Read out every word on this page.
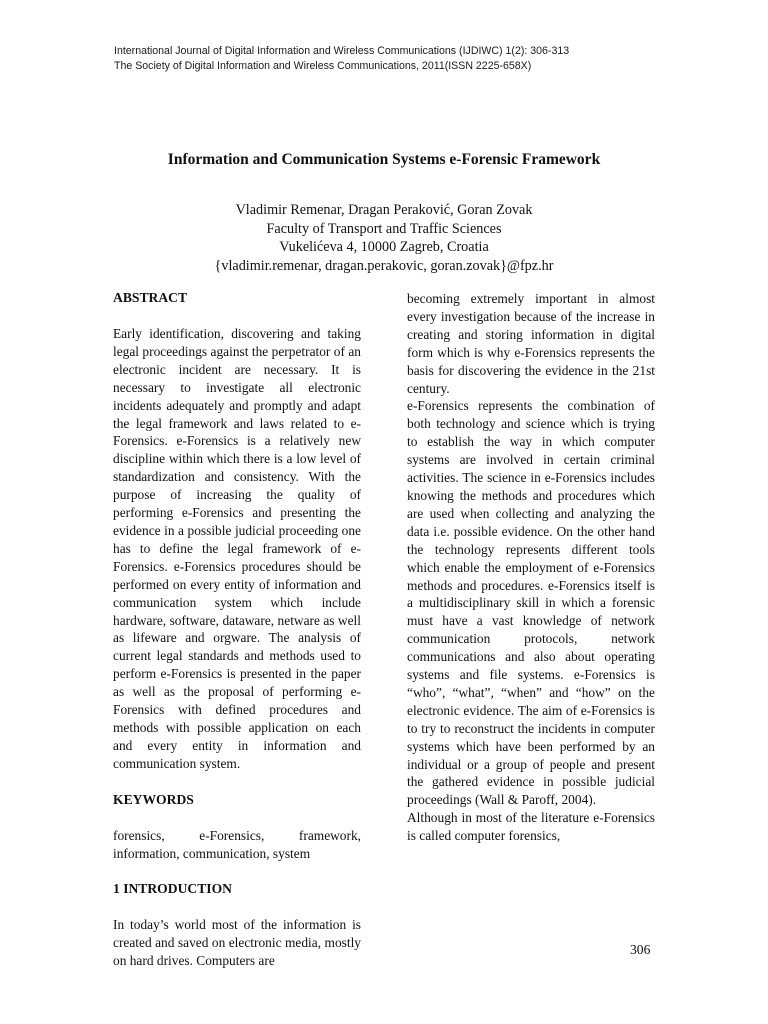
International Journal of Digital Information and Wireless Communications (IJDIWC) 1(2): 306-313
The Society of Digital Information and Wireless Communications, 2011(ISSN 2225-658X)
Information and Communication Systems e-Forensic Framework
Vladimir Remenar, Dragan Peraković, Goran Zovak
Faculty of Transport and Traffic Sciences
Vukelićeva 4, 10000 Zagreb, Croatia
{vladimir.remenar, dragan.perakovic, goran.zovak}@fpz.hr

ABSTRACT

Early identification, discovering and taking legal proceedings against the perpetrator of an electronic incident are necessary. It is necessary to investigate all electronic incidents adequately and promptly and adapt the legal framework and laws related to e-Forensics. e-Forensics is a relatively new discipline within which there is a low level of standardization and consistency. With the purpose of increasing the quality of performing e-Forensics and presenting the evidence in a possible judicial proceeding one has to define the legal framework of e-Forensics. e-Forensics procedures should be performed on every entity of information and communication system which include hardware, software, dataware, netware as well as lifeware and orgware. The analysis of current legal standards and methods used to perform e-Forensics is presented in the paper as well as the proposal of performing e-Forensics with defined procedures and methods with possible application on each and every entity in information and communication system.

KEYWORDS

forensics, e-Forensics, framework, information, communication, system

1 INTRODUCTION

In today’s world most of the information is created and saved on electronic media, mostly on hard drives. Computers are

becoming extremely important in almost every investigation because of the increase in creating and storing information in digital form which is why e-Forensics represents the basis for discovering the evidence in the 21st century.

e-Forensics represents the combination of both technology and science which is trying to establish the way in which computer systems are involved in certain criminal activities. The science in e-Forensics includes knowing the methods and procedures which are used when collecting and analyzing the data i.e. possible evidence. On the other hand the technology represents different tools which enable the employment of e-Forensics methods and procedures. e-Forensics itself is a multidisciplinary skill in which a forensic must have a vast knowledge of network communication protocols, network communications and also about operating systems and file systems. e-Forensics is “who”, “what”, “when” and “how” on the electronic evidence. The aim of e-Forensics is to try to reconstruct the incidents in computer systems which have been performed by an individual or a group of people and present the gathered evidence in possible judicial proceedings (Wall & Paroff, 2004).

Although in most of the literature e-Forensics is called computer forensics,

306
